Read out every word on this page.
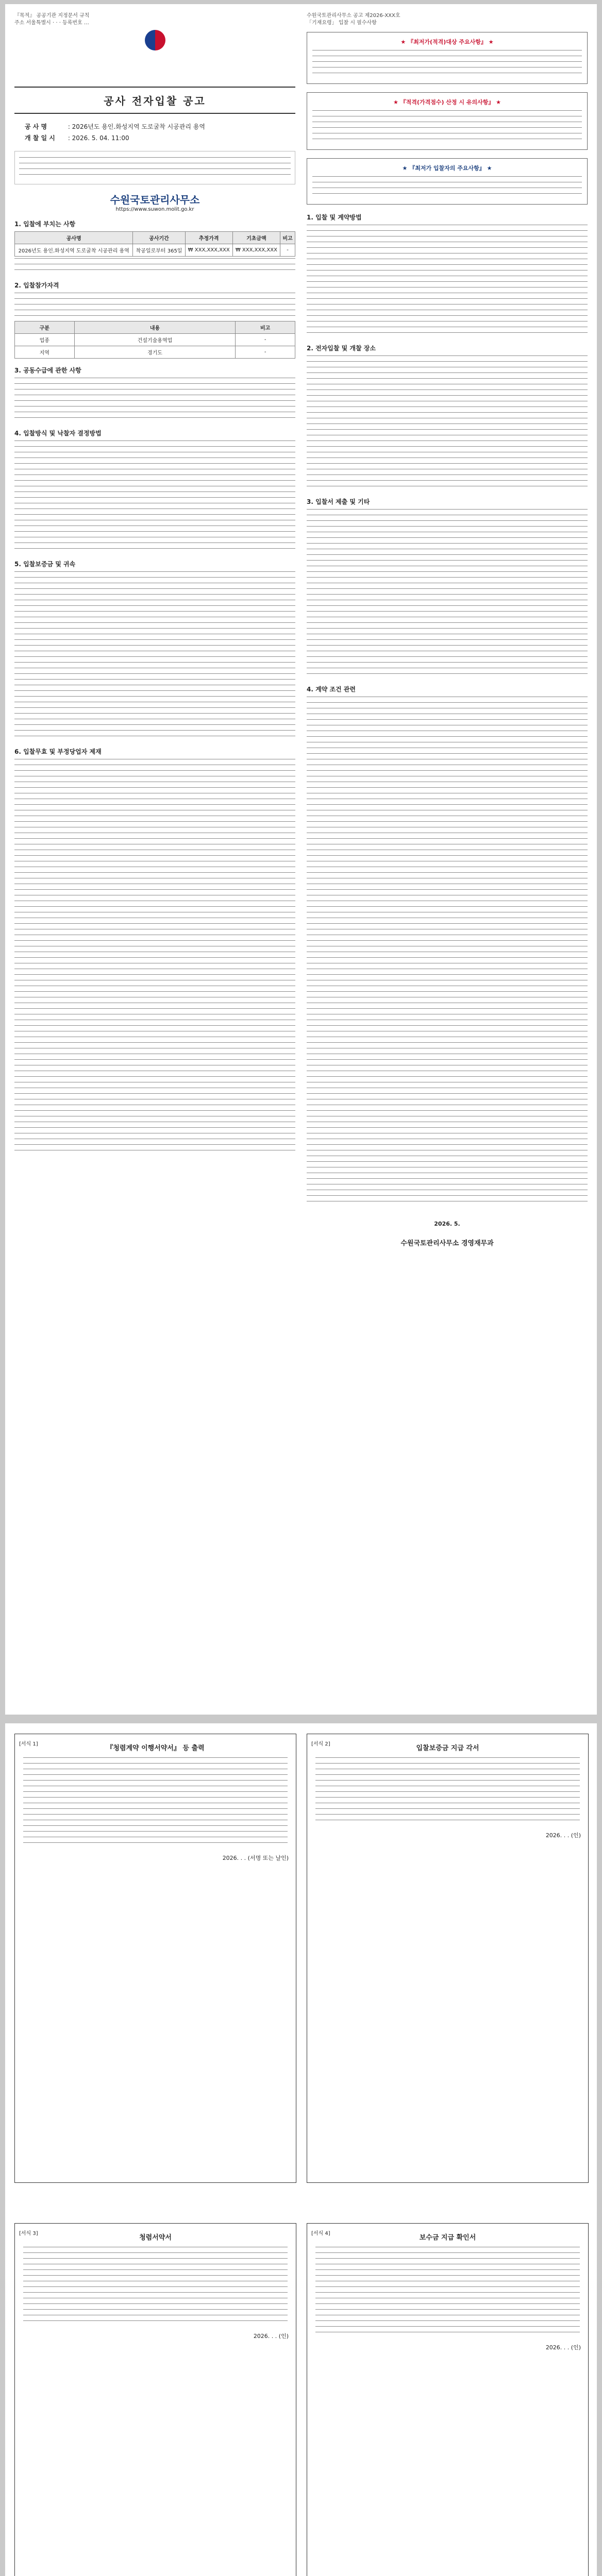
『목적』 공공기관 지정문서 규칙
주소 서울특별시 · · · 등록번호 …
공사 전자입찰 공고
공 사 명	: 2026년도 용인.화성지역 도로굴착 시공관리 용역
개 찰 일 시 : 2026. 5. 04. 11:00
수원국토관리사무소
https://www.suwon.molit.go.kr
1. 입찰에 부치는 사항
공사명	공사기간	추정가격	기초금액	비고
2026년도 용인.화성지역 도로굴착 시공관리 용역	착공일로부터 365일	₩ XXX,XXX,XXX	₩ XXX,XXX,XXX	-
2. 입찰참가자격
구분	내용	비고
업종	건설기술용역업	-
지역	경기도	-
3. 공동수급에 관한 사항
4. 입찰방식 및 낙찰자 결정방법
5. 입찰보증금 및 귀속
6. 입찰무효 및 부정당업자 제재
수원국토관리사무소 공고 제2026-XXX호
「기재요령」 입찰 시 필수사항
★ 『최저가(적격)대상 주요사항』 ★
★ 『적격(가격점수) 산정 시 유의사항』 ★
★ 『최저가 입찰자의 주요사항』 ★
1. 입찰 및 계약방법
2. 전자입찰 및 개찰 장소
3. 입찰서 제출 및 기타
4. 계약 조건 관련
2026. 5.
수원국토관리사무소 경영재무과
[서식 1]
『청렴계약 이행서약서』 등 출력
2026. . . (서명 또는 날인)
[서식 2]
입찰보증금 지급 각서
2026. . . (인)
[서식 3]
청렴서약서
2026. . . (인)
[서식 4]
보수금 지급 확인서
2026. . . (인)
